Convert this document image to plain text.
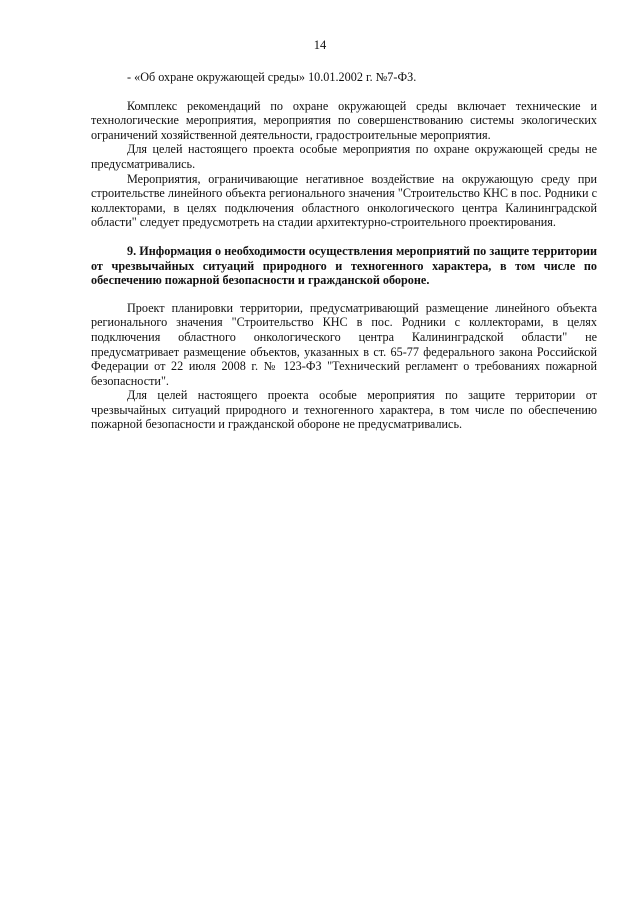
14

- «Об охране окружающей среды» 10.01.2002 г. №7-ФЗ.

Комплекс рекомендаций по охране окружающей среды включает технические и технологические мероприятия, мероприятия по совершенствованию системы экологических ограничений хозяйственной деятельности, градостроительные мероприятия.

Для целей настоящего проекта особые мероприятия по охране окружающей среды не предусматривались.

Мероприятия, ограничивающие негативное воздействие на окружающую среду при строительстве линейного объекта регионального значения "Строительство КНС в пос. Родники с коллекторами, в целях подключения областного онкологического центра Калининградской области" следует предусмотреть на стадии архитектурно-строительного проектирования.

9. Информация о необходимости осуществления мероприятий по защите территории от чрезвычайных ситуаций природного и техногенного характера, в том числе по обеспечению пожарной безопасности и гражданской обороне.

Проект планировки территории, предусматривающий размещение линейного объекта регионального значения "Строительство КНС в пос. Родники с коллекторами, в целях подключения областного онкологического центра Калининградской области" не предусматривает размещение объектов, указанных в ст. 65-77 федерального закона Российской Федерации от 22 июля 2008 г. № 123-ФЗ "Технический регламент о требованиях пожарной безопасности".

Для целей настоящего проекта особые мероприятия по защите территории от чрезвычайных ситуаций природного и техногенного характера, в том числе по обеспечению пожарной безопасности и гражданской обороне не предусматривались.
